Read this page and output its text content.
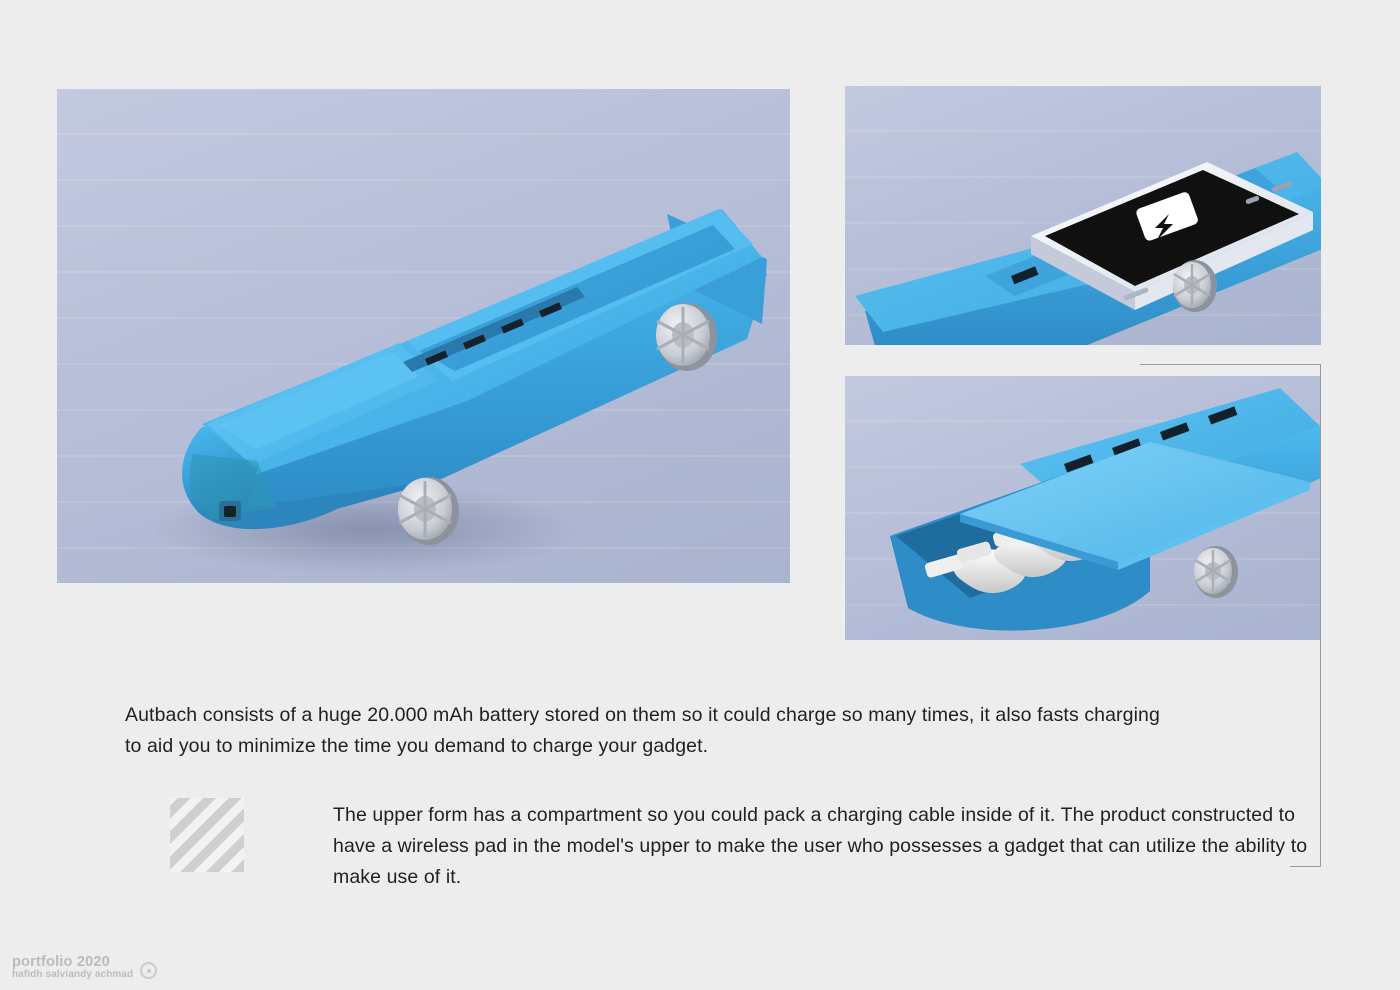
Autbach consists of a huge 20.000 mAh battery stored on them so it could charge so many times, it also fasts charging to aid you to minimize the time you demand to charge your gadget.
The upper form has a compartment so you could pack a charging cable inside of it. The product constructed to have a wireless pad in the model's upper to make the user who possesses a gadget that can utilize the ability to make use of it.
portfolio 2020
hafidh salviandy achmad
